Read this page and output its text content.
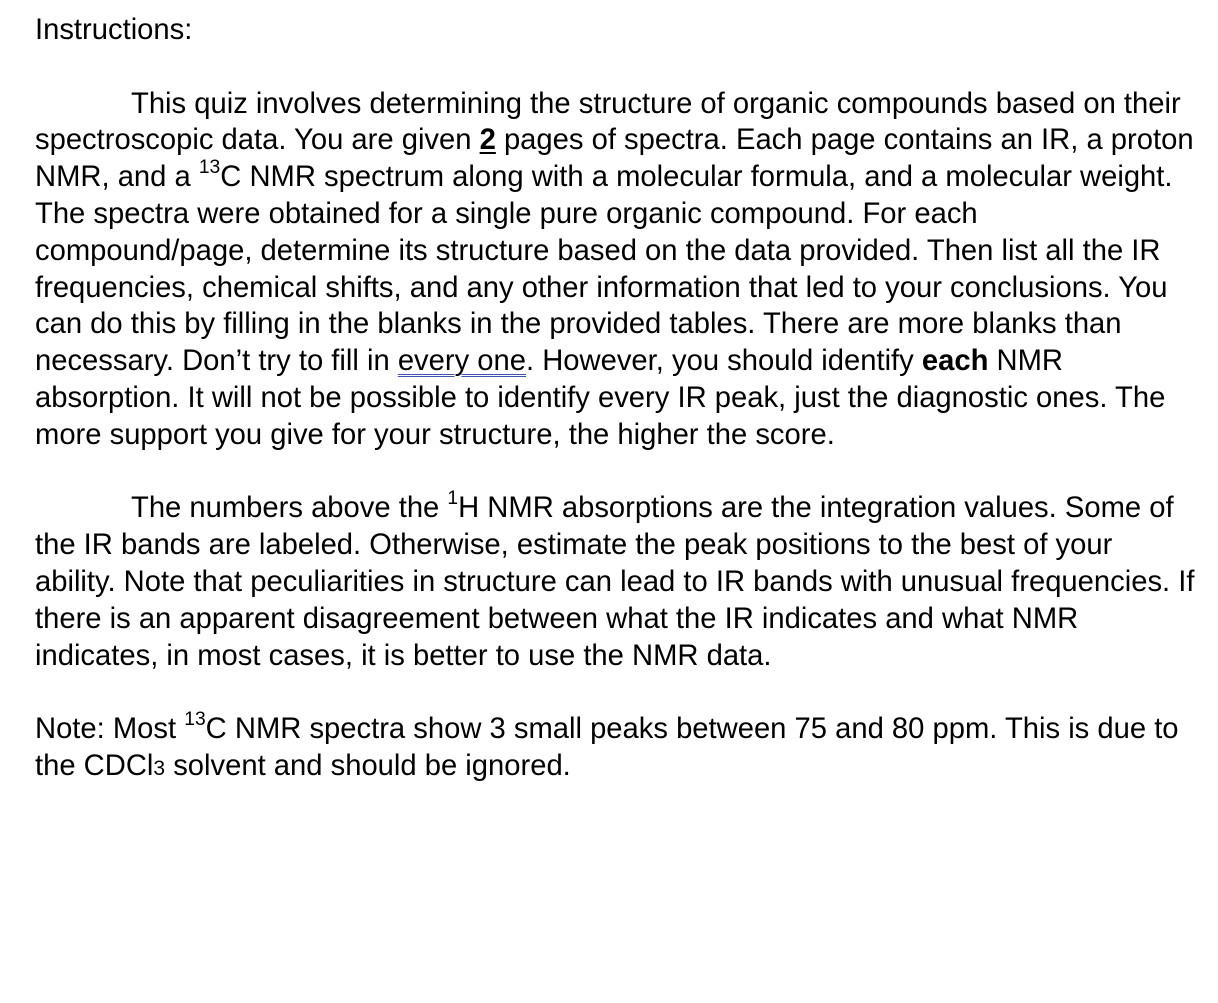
Instructions:

This quiz involves determining the structure of organic compounds based on their spectroscopic data. You are given 2 pages of spectra. Each page contains an IR, a proton NMR, and a $^{13}$C NMR spectrum along with a molecular formula, and a molecular weight. The spectra were obtained for a single pure organic compound. For each compound/page, determine its structure based on the data provided. Then list all the IR frequencies, chemical shifts, and any other information that led to your conclusions. You can do this by filling in the blanks in the provided tables. There are more blanks than necessary. Don’t try to fill in every one. However, you should identify each NMR absorption. It will not be possible to identify every IR peak, just the diagnostic ones. The more support you give for your structure, the higher the score.

The numbers above the $^1$H NMR absorptions are the integration values. Some of the IR bands are labeled. Otherwise, estimate the peak positions to the best of your ability. Note that peculiarities in structure can lead to IR bands with unusual frequencies. If there is an apparent disagreement between what the IR indicates and what NMR indicates, in most cases, it is better to use the NMR data.

Note: Most $^{13}$C NMR spectra show 3 small peaks between 75 and 80 ppm. This is due to the CDCl3 solvent and should be ignored.
